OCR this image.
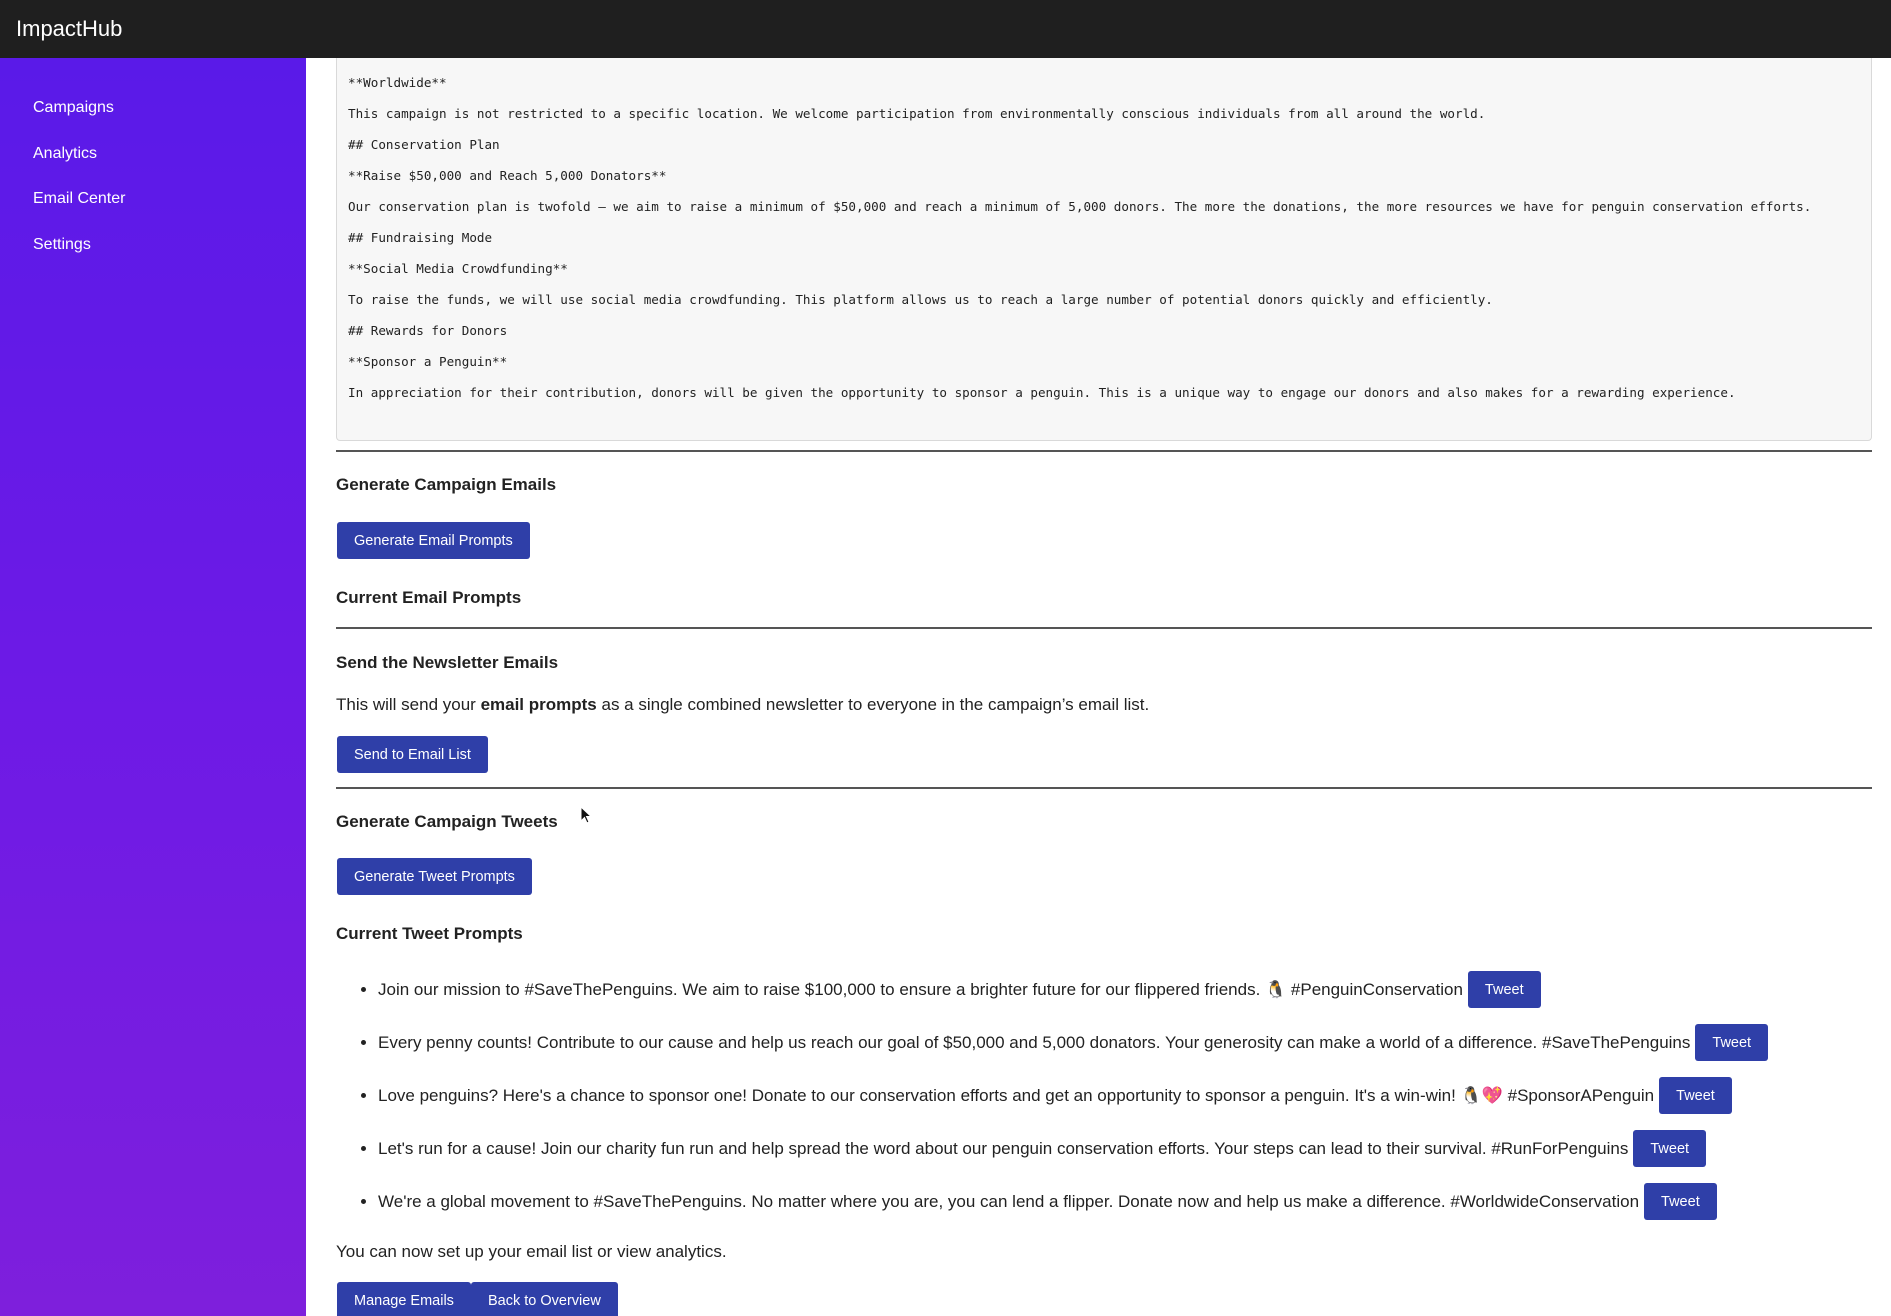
ImpactHub
Campaigns
Analytics
Email Center
Settings

**Worldwide**

This campaign is not restricted to a specific location. We welcome participation from environmentally conscious individuals from all around the world.

## Conservation Plan

**Raise $50,000 and Reach 5,000 Donators**

Our conservation plan is twofold – we aim to raise a minimum of $50,000 and reach a minimum of 5,000 donors. The more the donations, the more resources we have for penguin conservation efforts.

## Fundraising Mode

**Social Media Crowdfunding**

To raise the funds, we will use social media crowdfunding. This platform allows us to reach a large number of potential donors quickly and efficiently.

## Rewards for Donors

**Sponsor a Penguin**

In appreciation for their contribution, donors will be given the opportunity to sponsor a penguin. This is a unique way to engage our donors and also makes for a rewarding experience.

Generate Campaign Emails
Generate Email Prompts
Current Email Prompts
Send the Newsletter Emails
This will send your email prompts as a single combined newsletter to everyone in the campaign’s email list.
Send to Email List
Generate Campaign Tweets
Generate Tweet Prompts
Current Tweet Prompts
• Join our mission to #SaveThePenguins. We aim to raise $100,000 to ensure a brighter future for our flippered friends. 🐧 #PenguinConservation	Tweet
• Every penny counts! Contribute to our cause and help us reach our goal of $50,000 and 5,000 donators. Your generosity can make a world of a difference. #SaveThePenguins	Tweet
• Love penguins? Here's a chance to sponsor one! Donate to our conservation efforts and get an opportunity to sponsor a penguin. It's a win-win! 🐧💖 #SponsorAPenguin	Tweet
• Let's run for a cause! Join our charity fun run and help spread the word about our penguin conservation efforts. Your steps can lead to their survival. #RunForPenguins	Tweet
• We're a global movement to #SaveThePenguins. No matter where you are, you can lend a flipper. Donate now and help us make a difference. #WorldwideConservation	Tweet
You can now set up your email list or view analytics.
Manage Emails	Back to Overview
